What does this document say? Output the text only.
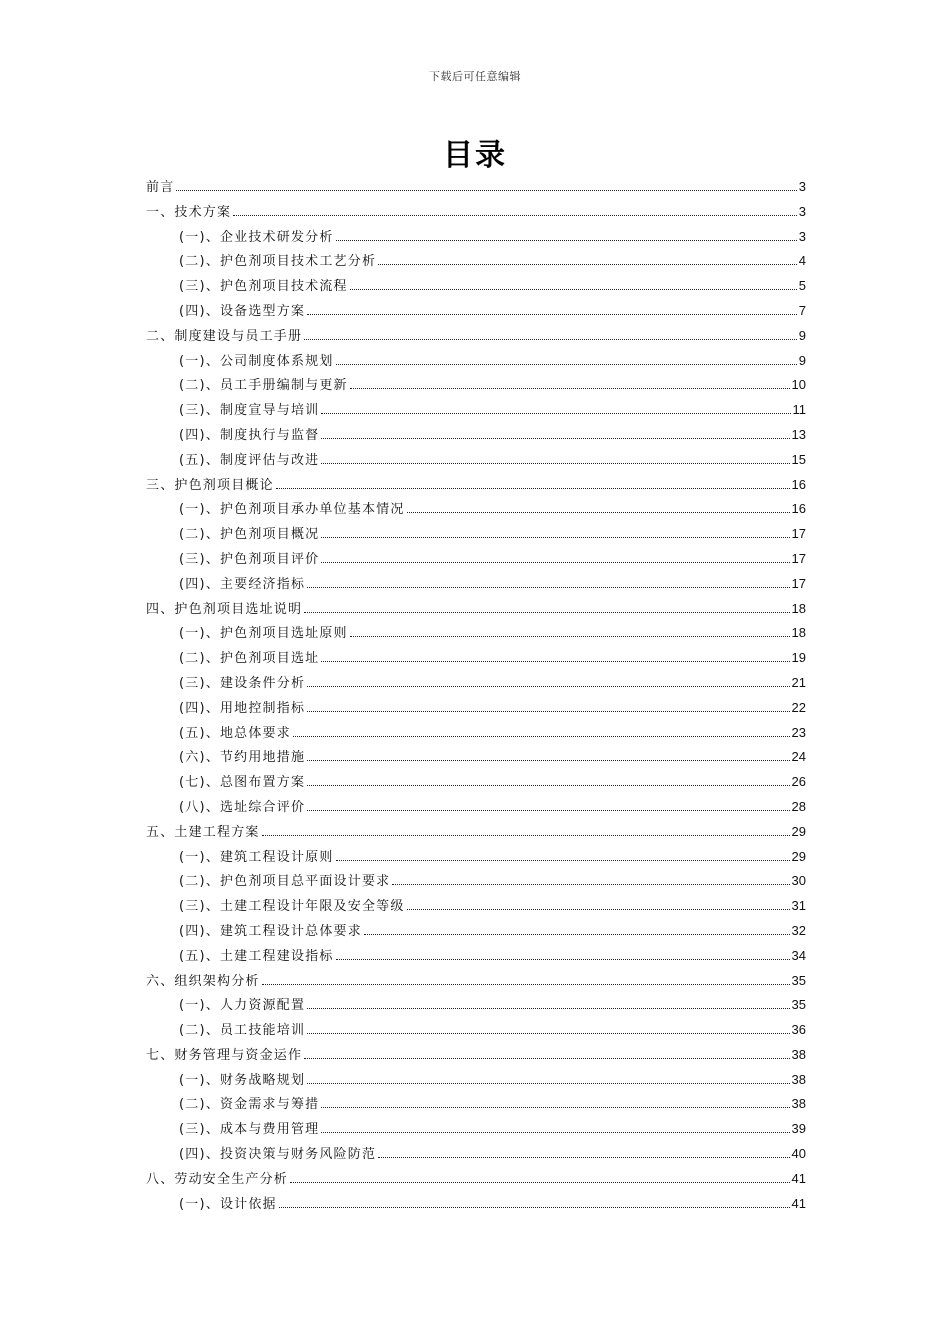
下载后可任意编辑
目录
前言	3
一、技术方案	3
(一)、企业技术研发分析	3
(二)、护色剂项目技术工艺分析	4
(三)、护色剂项目技术流程	5
(四)、设备选型方案	7
二、制度建设与员工手册	9
(一)、公司制度体系规划	9
(二)、员工手册编制与更新	10
(三)、制度宣导与培训	11
(四)、制度执行与监督	13
(五)、制度评估与改进	15
三、护色剂项目概论	16
(一)、护色剂项目承办单位基本情况	16
(二)、护色剂项目概况	17
(三)、护色剂项目评价	17
(四)、主要经济指标	17
四、护色剂项目选址说明	18
(一)、护色剂项目选址原则	18
(二)、护色剂项目选址	19
(三)、建设条件分析	21
(四)、用地控制指标	22
(五)、地总体要求	23
(六)、节约用地措施	24
(七)、总图布置方案	26
(八)、选址综合评价	28
五、土建工程方案	29
(一)、建筑工程设计原则	29
(二)、护色剂项目总平面设计要求	30
(三)、土建工程设计年限及安全等级	31
(四)、建筑工程设计总体要求	32
(五)、土建工程建设指标	34
六、组织架构分析	35
(一)、人力资源配置	35
(二)、员工技能培训	36
七、财务管理与资金运作	38
(一)、财务战略规划	38
(二)、资金需求与筹措	38
(三)、成本与费用管理	39
(四)、投资决策与财务风险防范	40
八、劳动安全生产分析	41
(一)、设计依据	41
